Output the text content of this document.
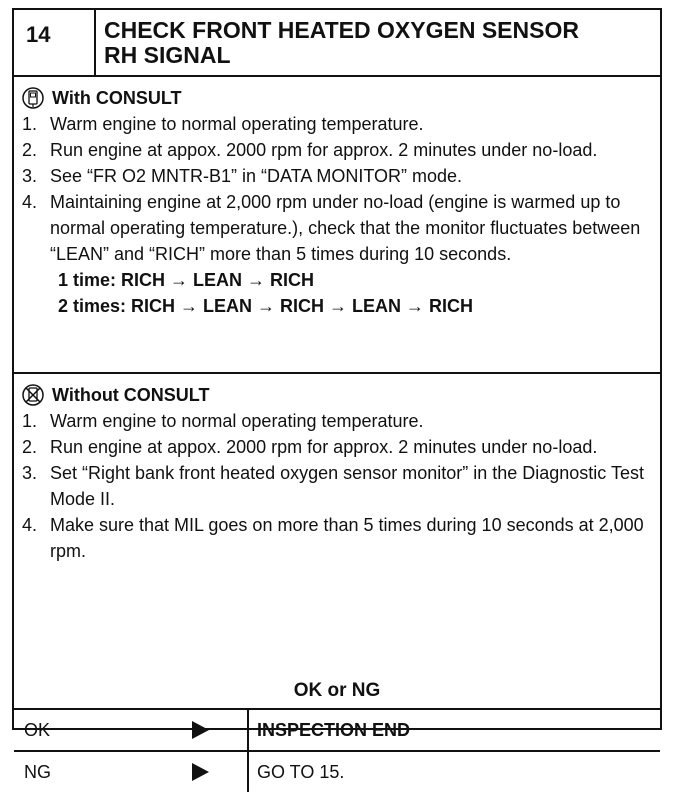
14	CHECK FRONT HEATED OXYGEN SENSOR
RH SIGNAL
With CONSULT
1. Warm engine to normal operating temperature.
2. Run engine at appox. 2000 rpm for approx. 2 minutes under no-load.
3. See “FR O2 MNTR-B1” in “DATA MONITOR” mode.
4. Maintaining engine at 2,000 rpm under no-load (engine is warmed up to normal operating temperature.), check that the monitor fluctuates between “LEAN” and “RICH” more than 5 times during 10 seconds.
1 time: RICH → LEAN → RICH
2 times: RICH → LEAN → RICH → LEAN → RICH
Without CONSULT
1. Warm engine to normal operating temperature.
2. Run engine at appox. 2000 rpm for approx. 2 minutes under no-load.
3. Set “Right bank front heated oxygen sensor monitor” in the Diagnostic Test Mode II.
4. Make sure that MIL goes on more than 5 times during 10 seconds at 2,000 rpm.
OK or NG
OK	INSPECTION END
NG	GO TO 15.
